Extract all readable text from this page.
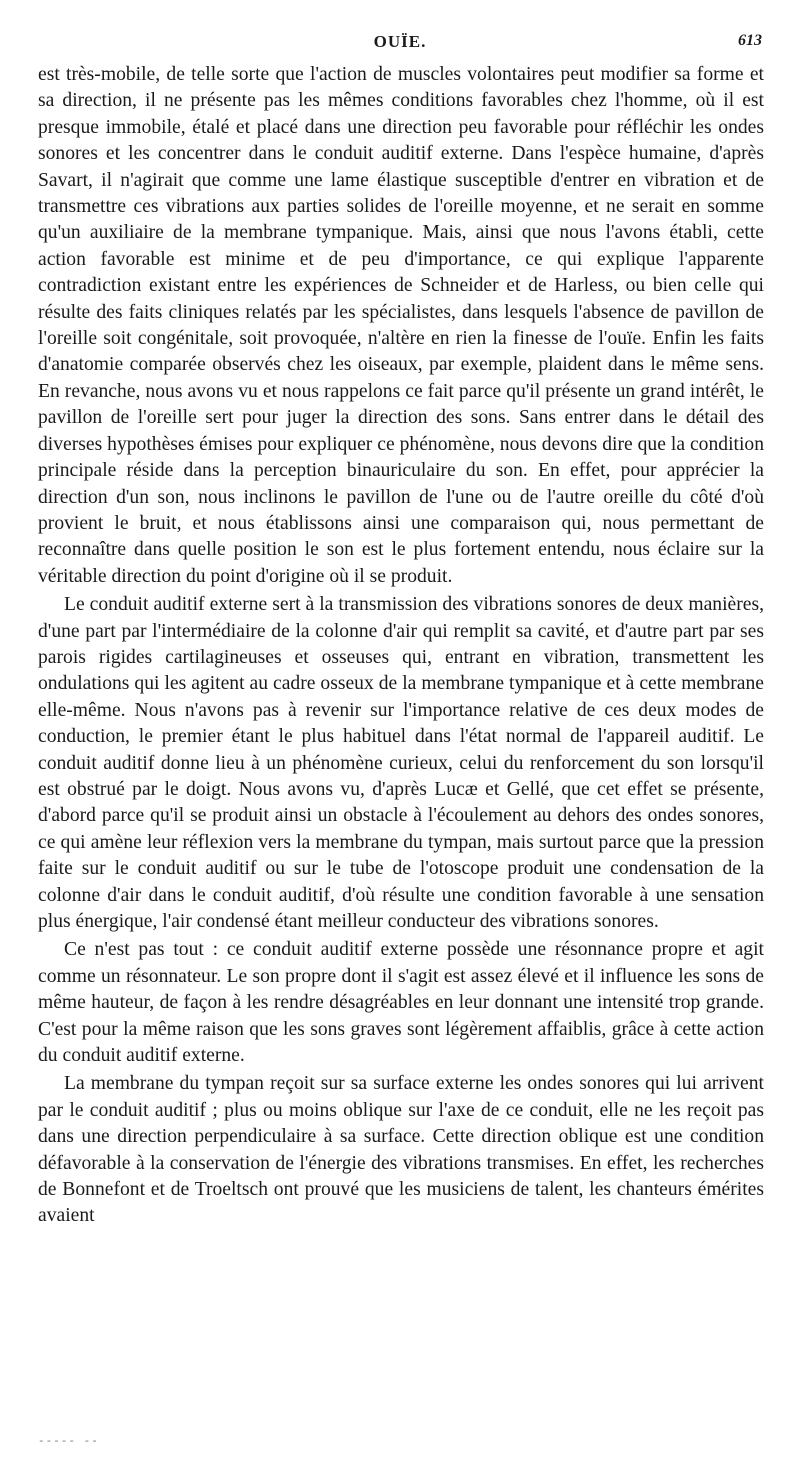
OUÏE.	613

est très-mobile, de telle sorte que l'action de muscles volontaires peut modifier sa forme et sa direction, il ne présente pas les mêmes conditions favorables chez l'homme, où il est presque immobile, étalé et placé dans une direction peu favorable pour réfléchir les ondes sonores et les concentrer dans le conduit auditif externe. Dans l'espèce humaine, d'après Savart, il n'agirait que comme une lame élastique susceptible d'entrer en vibration et de transmettre ces vibrations aux parties solides de l'oreille moyenne, et ne serait en somme qu'un auxiliaire de la membrane tympanique. Mais, ainsi que nous l'avons établi, cette action favorable est minime et de peu d'importance, ce qui explique l'apparente contradiction existant entre les expériences de Schneider et de Harless, ou bien celle qui résulte des faits cliniques relatés par les spécialistes, dans lesquels l'absence de pavillon de l'oreille soit congénitale, soit provoquée, n'altère en rien la finesse de l'ouïe. Enfin les faits d'anatomie comparée observés chez les oiseaux, par exemple, plaident dans le même sens. En revanche, nous avons vu et nous rappelons ce fait parce qu'il présente un grand intérêt, le pavillon de l'oreille sert pour juger la direction des sons. Sans entrer dans le détail des diverses hypothèses émises pour expliquer ce phénomène, nous devons dire que la condition principale réside dans la perception binauriculaire du son. En effet, pour apprécier la direction d'un son, nous inclinons le pavillon de l'une ou de l'autre oreille du côté d'où provient le bruit, et nous établissons ainsi une comparaison qui, nous permettant de reconnaître dans quelle position le son est le plus fortement entendu, nous éclaire sur la véritable direction du point d'origine où il se produit.

Le conduit auditif externe sert à la transmission des vibrations sonores de deux manières, d'une part par l'intermédiaire de la colonne d'air qui remplit sa cavité, et d'autre part par ses parois rigides cartilagineuses et osseuses qui, entrant en vibration, transmettent les ondulations qui les agitent au cadre osseux de la membrane tympanique et à cette membrane elle-même. Nous n'avons pas à revenir sur l'importance relative de ces deux modes de conduction, le premier étant le plus habituel dans l'état normal de l'appareil auditif. Le conduit auditif donne lieu à un phénomène curieux, celui du renforcement du son lorsqu'il est obstrué par le doigt. Nous avons vu, d'après Lucæ et Gellé, que cet effet se présente, d'abord parce qu'il se produit ainsi un obstacle à l'écoulement au dehors des ondes sonores, ce qui amène leur réflexion vers la membrane du tympan, mais surtout parce que la pression faite sur le conduit auditif ou sur le tube de l'otoscope produit une condensation de la colonne d'air dans le conduit auditif, d'où résulte une condition favorable à une sensation plus énergique, l'air condensé étant meilleur conducteur des vibrations sonores.

Ce n'est pas tout : ce conduit auditif externe possède une résonnance propre et agit comme un résonnateur. Le son propre dont il s'agit est assez élevé et il influence les sons de même hauteur, de façon à les rendre désagréables en leur donnant une intensité trop grande. C'est pour la même raison que les sons graves sont légèrement affaiblis, grâce à cette action du conduit auditif externe.

La membrane du tympan reçoit sur sa surface externe les ondes sonores qui lui arrivent par le conduit auditif ; plus ou moins oblique sur l'axe de ce conduit, elle ne les reçoit pas dans une direction perpendiculaire à sa surface. Cette direction oblique est une condition défavorable à la conservation de l'énergie des vibrations transmises. En effet, les recherches de Bonnefont et de Troeltsch ont prouvé que les musiciens de talent, les chanteurs émérites avaient

----- --
